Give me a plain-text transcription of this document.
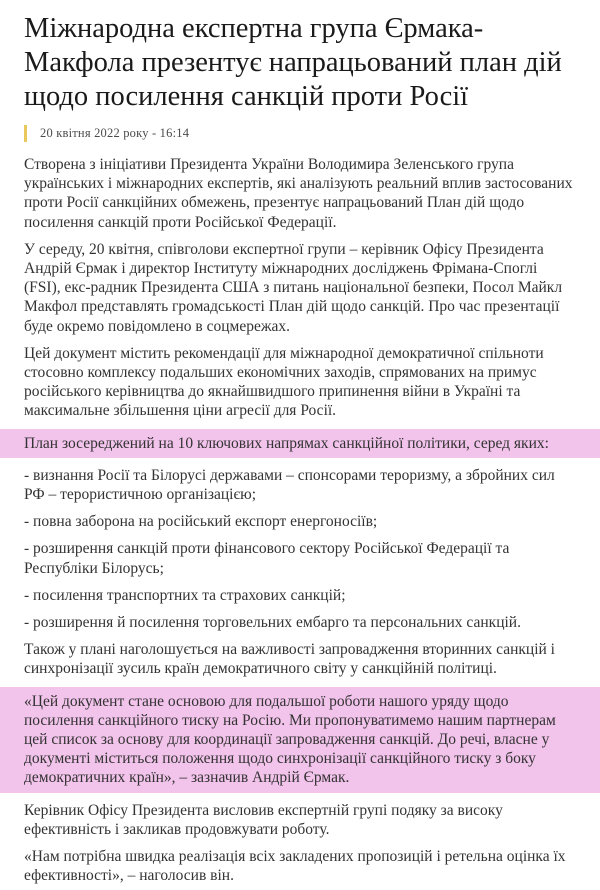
Міжнародна експертна група Єрмака-Макфола презентує напрацьований план дій щодо посилення санкцій проти Росії
20 квітня 2022 року - 16:14

Створена з ініціативи Президента України Володимира Зеленського група українських і міжнародних експертів, які аналізують реальний вплив застосованих проти Росії санкційних обмежень, презентує напрацьований План дій щодо посилення санкцій проти Російської Федерації.

У середу, 20 квітня, співголови експертної групи – керівник Офісу Президента Андрій Єрмак і директор Інституту міжнародних досліджень Фрімана-Споглі (FSI), екс-радник Президента США з питань національної безпеки, Посол Майкл Макфол представлять громадськості План дій щодо санкцій. Про час презентації буде окремо повідомлено в соцмережах.

Цей документ містить рекомендації для міжнародної демократичної спільноти стосовно комплексу подальших економічних заходів, спрямованих на примус російського керівництва до якнайшвидшого припинення війни в Україні та максимальне збільшення ціни агресії для Росії.

План зосереджений на 10 ключових напрямах санкційної політики, серед яких:

- визнання Росії та Білорусі державами – спонсорами тероризму, а збройних сил РФ – терористичною організацією;

- повна заборона на російський експорт енергоносіїв;

- розширення санкцій проти фінансового сектору Російської Федерації та Республіки Білорусь;

- посилення транспортних та страхових санкцій;

- розширення й посилення торговельних ембарго та персональних санкцій.

Також у плані наголошується на важливості запровадження вторинних санкцій і синхронізації зусиль країн демократичного світу у санкційній політиці.

«Цей документ стане основою для подальшої роботи нашого уряду щодо посилення санкційного тиску на Росію. Ми пропонуватимемо нашим партнерам цей список за основу для координації запровадження санкцій. До речі, власне у документі міститься положення щодо синхронізації санкційного тиску з боку демократичних країн», – зазначив Андрій Єрмак.

Керівник Офісу Президента висловив експертній групі подяку за високу ефективність і закликав продовжувати роботу.

«Нам потрібна швидка реалізація всіх закладених пропозицій і ретельна оцінка їх ефективності», – наголосив він.
